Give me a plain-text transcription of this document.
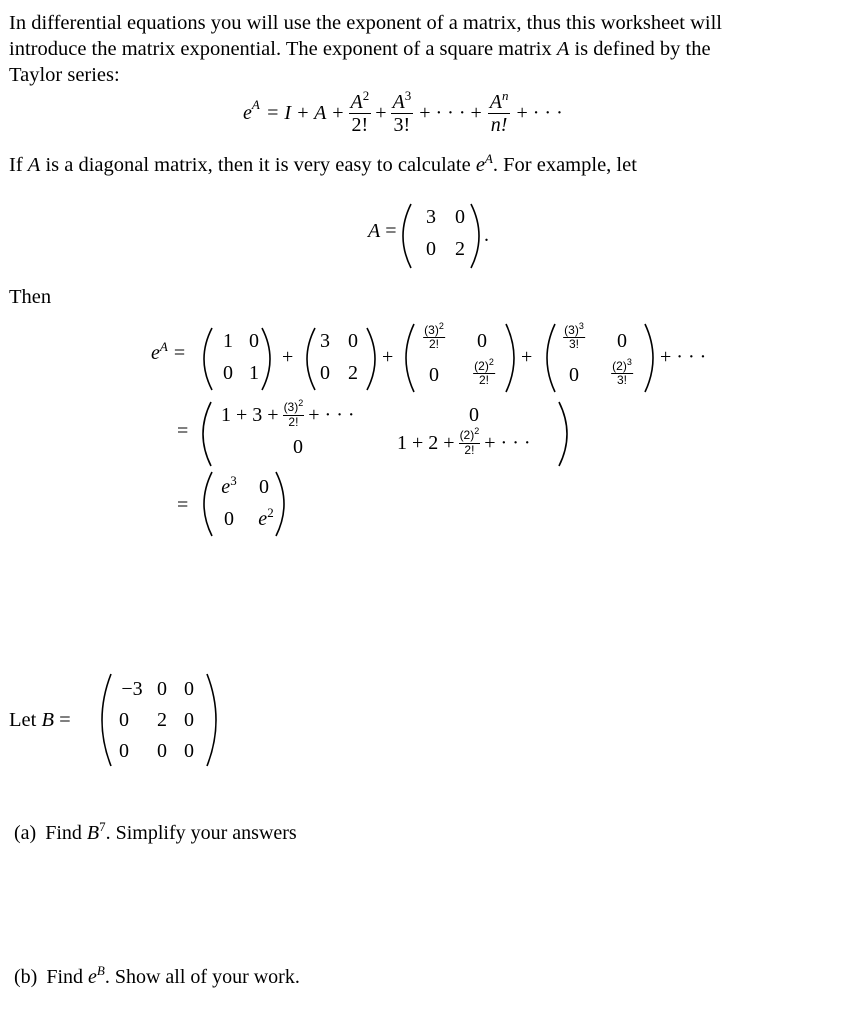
In differential equations you will use the exponent of a matrix, thus this worksheet will
introduce the matrix exponential. The exponent of a square matrix A is defined by the
Taylor series:
$e^A = I + A + \frac{A^2}{2!} + \frac{A^3}{3!}$ + · · · + $\frac{A^n}{n!}$ + · · ·
If A is a diagonal matrix, then it is very easy to calculate $e^A$. For example, let
A =
3 0
0 2
.
Then
$e^A$ =
1 0
0 1
+
3 0
0 2
+
$\frac{(3)^2}{2!} 0$
0	$\frac{(2)^2}{2!}$
+
$\frac{(3)^3}{3!} 0$
0	$\frac{(2)^3}{3!}$
+ · · ·
=
$1 + 3 + \frac{(3)^2}{2!}$ + · · ·	0
0	$1 + 2 + \frac{(2)^2}{2!}$ + · · ·
=
$e^3$ 0
0 $e^2$
Let B =
−3 0 0
0 2 0
0 0 0
(a) Find $B^7$. Simplify your answers
(b) Find $e^B$. Show all of your work.
